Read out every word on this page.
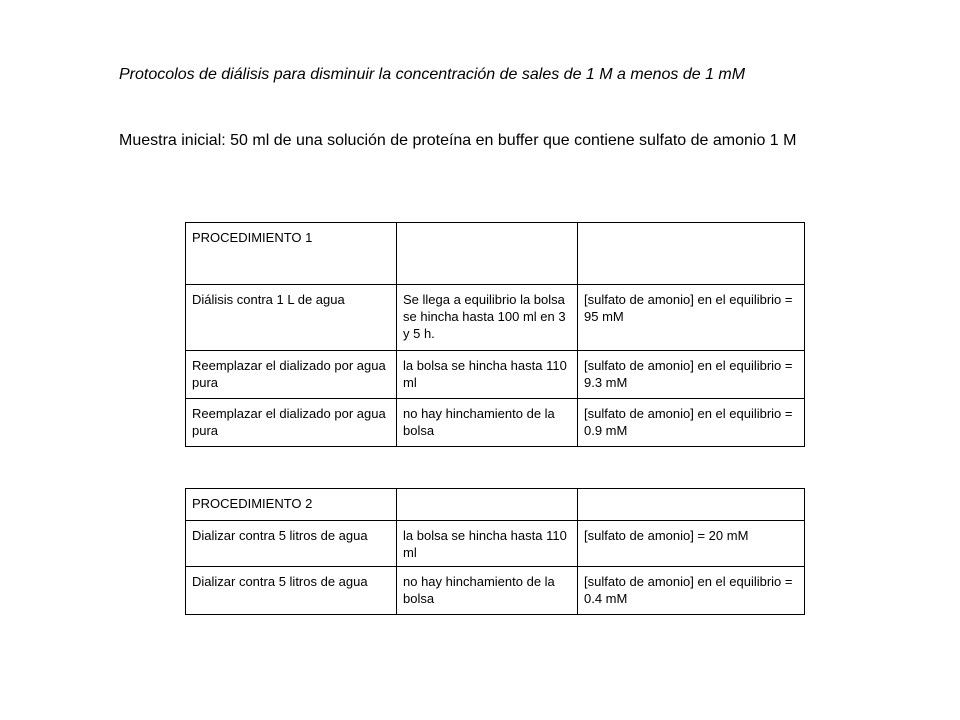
Protocolos de diálisis para disminuir la concentración de sales de 1 M a menos de 1 mM

Muestra inicial: 50 ml de una solución de proteína en buffer que contiene sulfato de amonio 1 M

PROCEDIMIENTO 1		
Diálisis contra 1 L de agua	Se llega a equilibrio la bolsa se hincha hasta 100 ml en 3 y 5 h.	[sulfato de amonio] en el equilibrio = 95 mM
Reemplazar el dializado por agua pura	la bolsa se hincha hasta 110 ml	[sulfato de amonio] en el equilibrio = 9.3 mM
Reemplazar el dializado por agua pura	no hay hinchamiento de la bolsa	[sulfato de amonio] en el equilibrio = 0.9 mM
PROCEDIMIENTO 2		
Dializar contra 5 litros de agua	la bolsa se hincha hasta 110 ml	[sulfato de amonio] = 20 mM
Dializar contra 5 litros de agua	no hay hinchamiento de la bolsa	[sulfato de amonio] en el equilibrio = 0.4 mM
